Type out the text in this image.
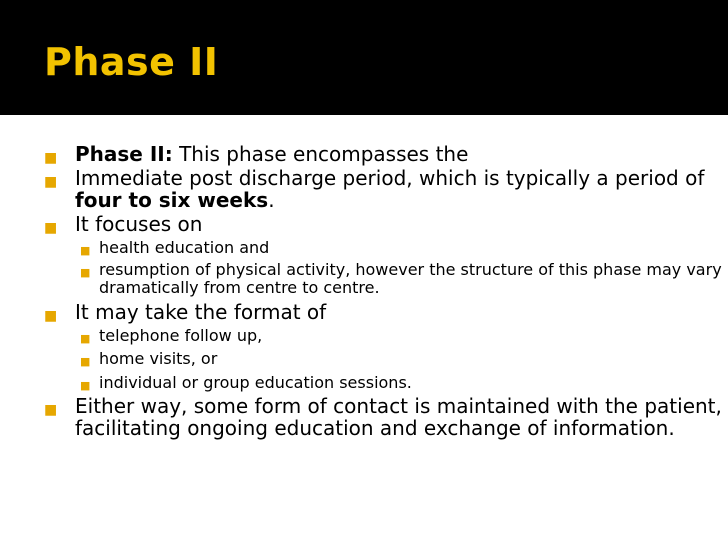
Phase II
■ Phase II: This phase encompasses the
■ Immediate post discharge period, which is typically a period of four to six weeks.
■ It focuses on
■ health education and
■ resumption of physical activity, however the structure of this phase may vary dramatically from centre to centre.
■ It may take the format of
■ telephone follow up,
■ home visits, or
■ individual or group education sessions.
■ Either way, some form of contact is maintained with the patient, facilitating ongoing education and exchange of information.
